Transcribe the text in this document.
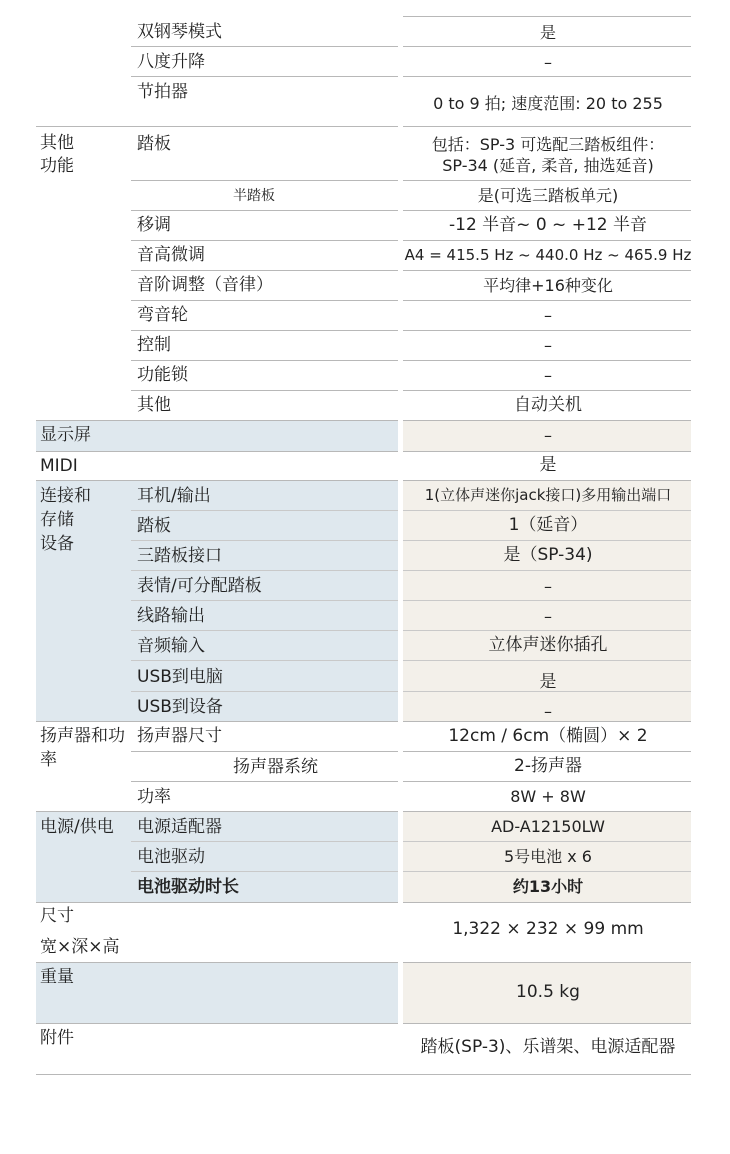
双钢琴模式
八度升降
节拍器
其他
功能
踏板
半踏板
移调
音高微调
音阶调整（音律）
弯音轮
控制
功能锁
其他
显示屏
MIDI
连接和
存储
设备
耳机/输出
踏板
三踏板接口
表情/可分配踏板
线路输出
音频输入
USB到电脑
USB到设备
扬声器和功
率
扬声器尺寸
扬声器系统
功率
电源/供电 电源适配器
电池驱动
电池驱动时长
尺寸
宽×深×高
重量
附件
是
–
0 to 9 拍; 速度范围: 20 to 255
包括：SP-3 可选配三踏板组件：
SP-34 (延音, 柔音, 抽选延音)
是(可选三踏板单元)
-12 半音~ 0 ~ +12 半音
A4 = 415.5 Hz ~ 440.0 Hz ~ 465.9 Hz
平均律+16种变化
–
–
–
自动关机
–
是
1(立体声迷你jack接口)多用输出端口
1（延音）
是（SP-34)
–
–
立体声迷你插孔
是
–
12cm / 6cm（椭圆）× 2
2-扬声器
8W + 8W
AD-A12150LW
5号电池 x 6
约13小时
1,322 × 232 × 99 mm
10.5 kg
踏板(SP-3)、乐谱架、电源适配器
